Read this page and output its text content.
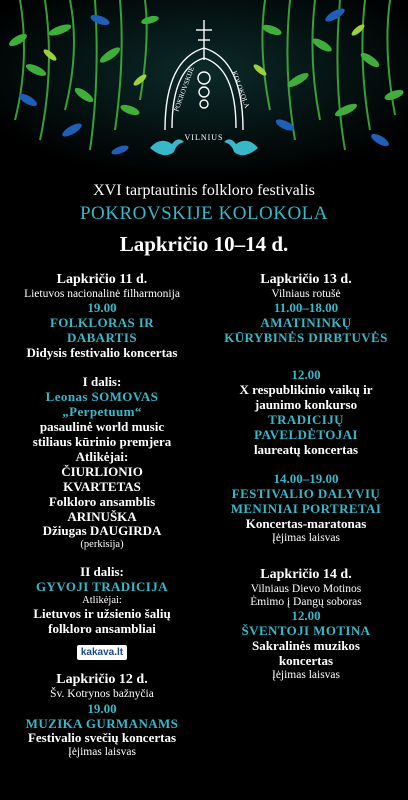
POKROVSKIJE	KOLOKOLA
VILNIUS
XVI tarptautinis folkloro festivalis
POKROVSKIJE KOLOKOLA
Lapkričio 10–14 d.
Lapkričio 11 d.
Lietuvos nacionalinė filharmonija
19.00
FOLKLORAS IR
DABARTIS
Didysis festivalio koncertas
I dalis:
Leonas SOMOVAS
„Perpetuum“
pasaulinė world music
stiliaus kūrinio premjera
Atlikėjai:
ČIURLIONIO
KVARTETAS
Folkloro ansamblis
ARINUŠKA
Džiugas DAUGIRDA
(perkisija)
II dalis:
GYVOJI TRADICIJA
Atlikėjai:
Lietuvos ir užsienio šalių
folkloro ansambliai
kakava.lt
Lapkričio 12 d.
Šv. Kotrynos bažnyčia
19.00
MUZIKA GURMANAMS
Festivalio svečių koncertas
Įėjimas laisvas
Lapkričio 13 d.
Vilniaus rotušė
11.00–18.00
AMATININKŲ
KŪRYBINĖS DIRBTUVĖS
12.00
X respublikinio vaikų ir
jaunimo konkurso
TRADICIJŲ
PAVELDĖTOJAI
laureatų koncertas
14.00–19.00
FESTIVALIO DALYVIŲ
MENINIAI PORTRETAI
Koncertas-maratonas
Įėjimas laisvas
Lapkričio 14 d.
Vilniaus Dievo Motinos
Ėmimo į Dangų soboras
12.00
ŠVENTOJI MOTINA
Sakralinės muzikos
koncertas
Įėjimas laisvas
